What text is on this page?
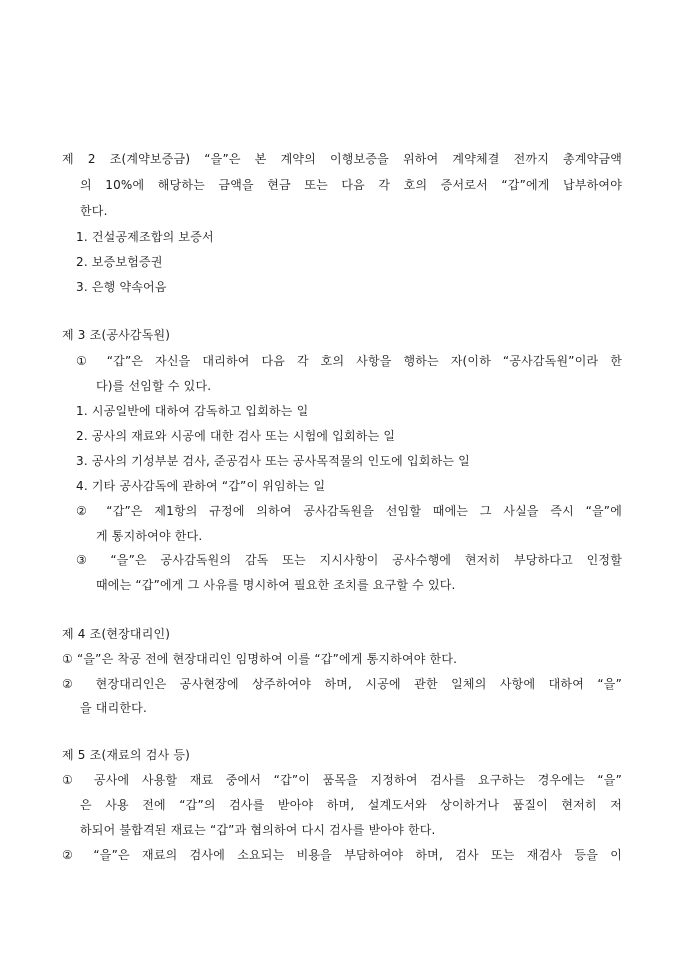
제 2 조(계약보증금) “을”은 본 계약의 이행보증을 위하여 계약체결 전까지 총계약금액
의 10%에 해당하는 금액을 현금 또는 다음 각 호의 증서로서 “갑”에게 납부하여야
한다.
1. 건설공제조합의 보증서
2. 보증보험증권
3. 은행 약속어음
제 3 조(공사감독원)
① “갑”은 자신을 대리하여 다음 각 호의 사항을 행하는 자(이하 “공사감독원”이라 한
다)를 선임할 수 있다.
1. 시공일반에 대하여 감독하고 입회하는 일
2. 공사의 재료와 시공에 대한 검사 또는 시험에 입회하는 일
3. 공사의 기성부분 검사, 준공검사 또는 공사목적물의 인도에 입회하는 일
4. 기타 공사감독에 관하여 “갑”이 위임하는 일
② “갑”은 제1항의 규정에 의하여 공사감독원을 선임할 때에는 그 사실을 즉시 “을”에
게 통지하여야 한다.
③ “을”은 공사감독원의 감독 또는 지시사항이 공사수행에 현저히 부당하다고 인정할
때에는 “갑”에게 그 사유를 명시하여 필요한 조치를 요구할 수 있다.
제 4 조(현장대리인)
① “을”은 착공 전에 현장대리인 임명하여 이를 “갑”에게 통지하여야 한다.
② 현장대리인은 공사현장에 상주하여야 하며, 시공에 관한 일체의 사항에 대하여 “을”
을 대리한다.
제 5 조(재료의 검사 등)
① 공사에 사용할 재료 중에서 “갑”이 품목을 지정하여 검사를 요구하는 경우에는 “을”
은 사용 전에 “갑”의 검사를 받아야 하며, 설계도서와 상이하거나 품질이 현저히 저
하되어 불합격된 재료는 “갑”과 협의하여 다시 검사를 받아야 한다.
② “을”은 재료의 검사에 소요되는 비용을 부담하여야 하며, 검사 또는 재검사 등을 이
